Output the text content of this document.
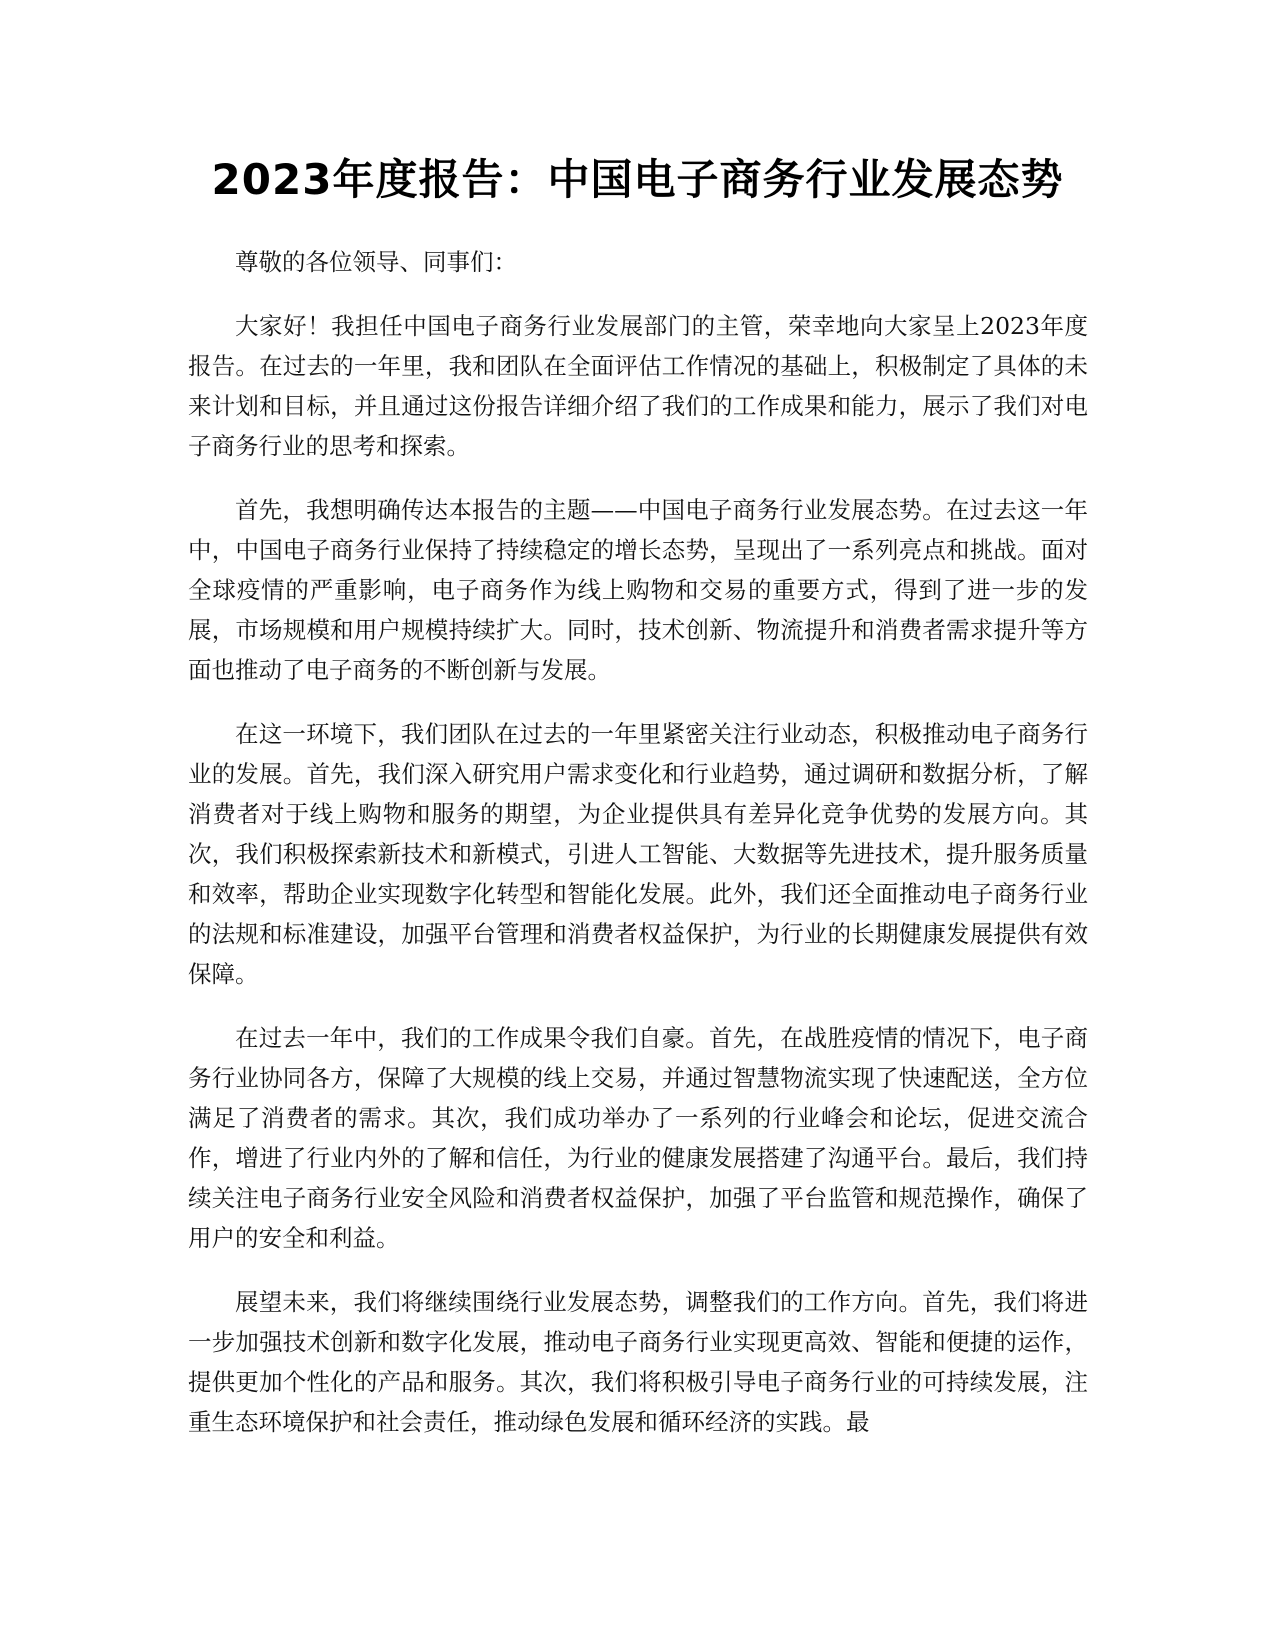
2023年度报告：中国电子商务行业发展态势

尊敬的各位领导、同事们：

大家好！我担任中国电子商务行业发展部门的主管，荣幸地向大家呈上2023年度报告。在过去的一年里，我和团队在全面评估工作情况的基础上，积极制定了具体的未来计划和目标，并且通过这份报告详细介绍了我们的工作成果和能力，展示了我们对电子商务行业的思考和探索。

首先，我想明确传达本报告的主题——中国电子商务行业发展态势。在过去这一年中，中国电子商务行业保持了持续稳定的增长态势，呈现出了一系列亮点和挑战。面对全球疫情的严重影响，电子商务作为线上购物和交易的重要方式，得到了进一步的发展，市场规模和用户规模持续扩大。同时，技术创新、物流提升和消费者需求提升等方面也推动了电子商务的不断创新与发展。

在这一环境下，我们团队在过去的一年里紧密关注行业动态，积极推动电子商务行业的发展。首先，我们深入研究用户需求变化和行业趋势，通过调研和数据分析，了解消费者对于线上购物和服务的期望，为企业提供具有差异化竞争优势的发展方向。其次，我们积极探索新技术和新模式，引进人工智能、大数据等先进技术，提升服务质量和效率，帮助企业实现数字化转型和智能化发展。此外，我们还全面推动电子商务行业的法规和标准建设，加强平台管理和消费者权益保护，为行业的长期健康发展提供有效保障。

在过去一年中，我们的工作成果令我们自豪。首先，在战胜疫情的情况下，电子商务行业协同各方，保障了大规模的线上交易，并通过智慧物流实现了快速配送，全方位满足了消费者的需求。其次，我们成功举办了一系列的行业峰会和论坛，促进交流合作，增进了行业内外的了解和信任，为行业的健康发展搭建了沟通平台。最后，我们持续关注电子商务行业安全风险和消费者权益保护，加强了平台监管和规范操作，确保了用户的安全和利益。

展望未来，我们将继续围绕行业发展态势，调整我们的工作方向。首先，我们将进一步加强技术创新和数字化发展，推动电子商务行业实现更高效、智能和便捷的运作，提供更加个性化的产品和服务。其次，我们将积极引导电子商务行业的可持续发展，注重生态环境保护和社会责任，推动绿色发展和循环经济的实践。最
